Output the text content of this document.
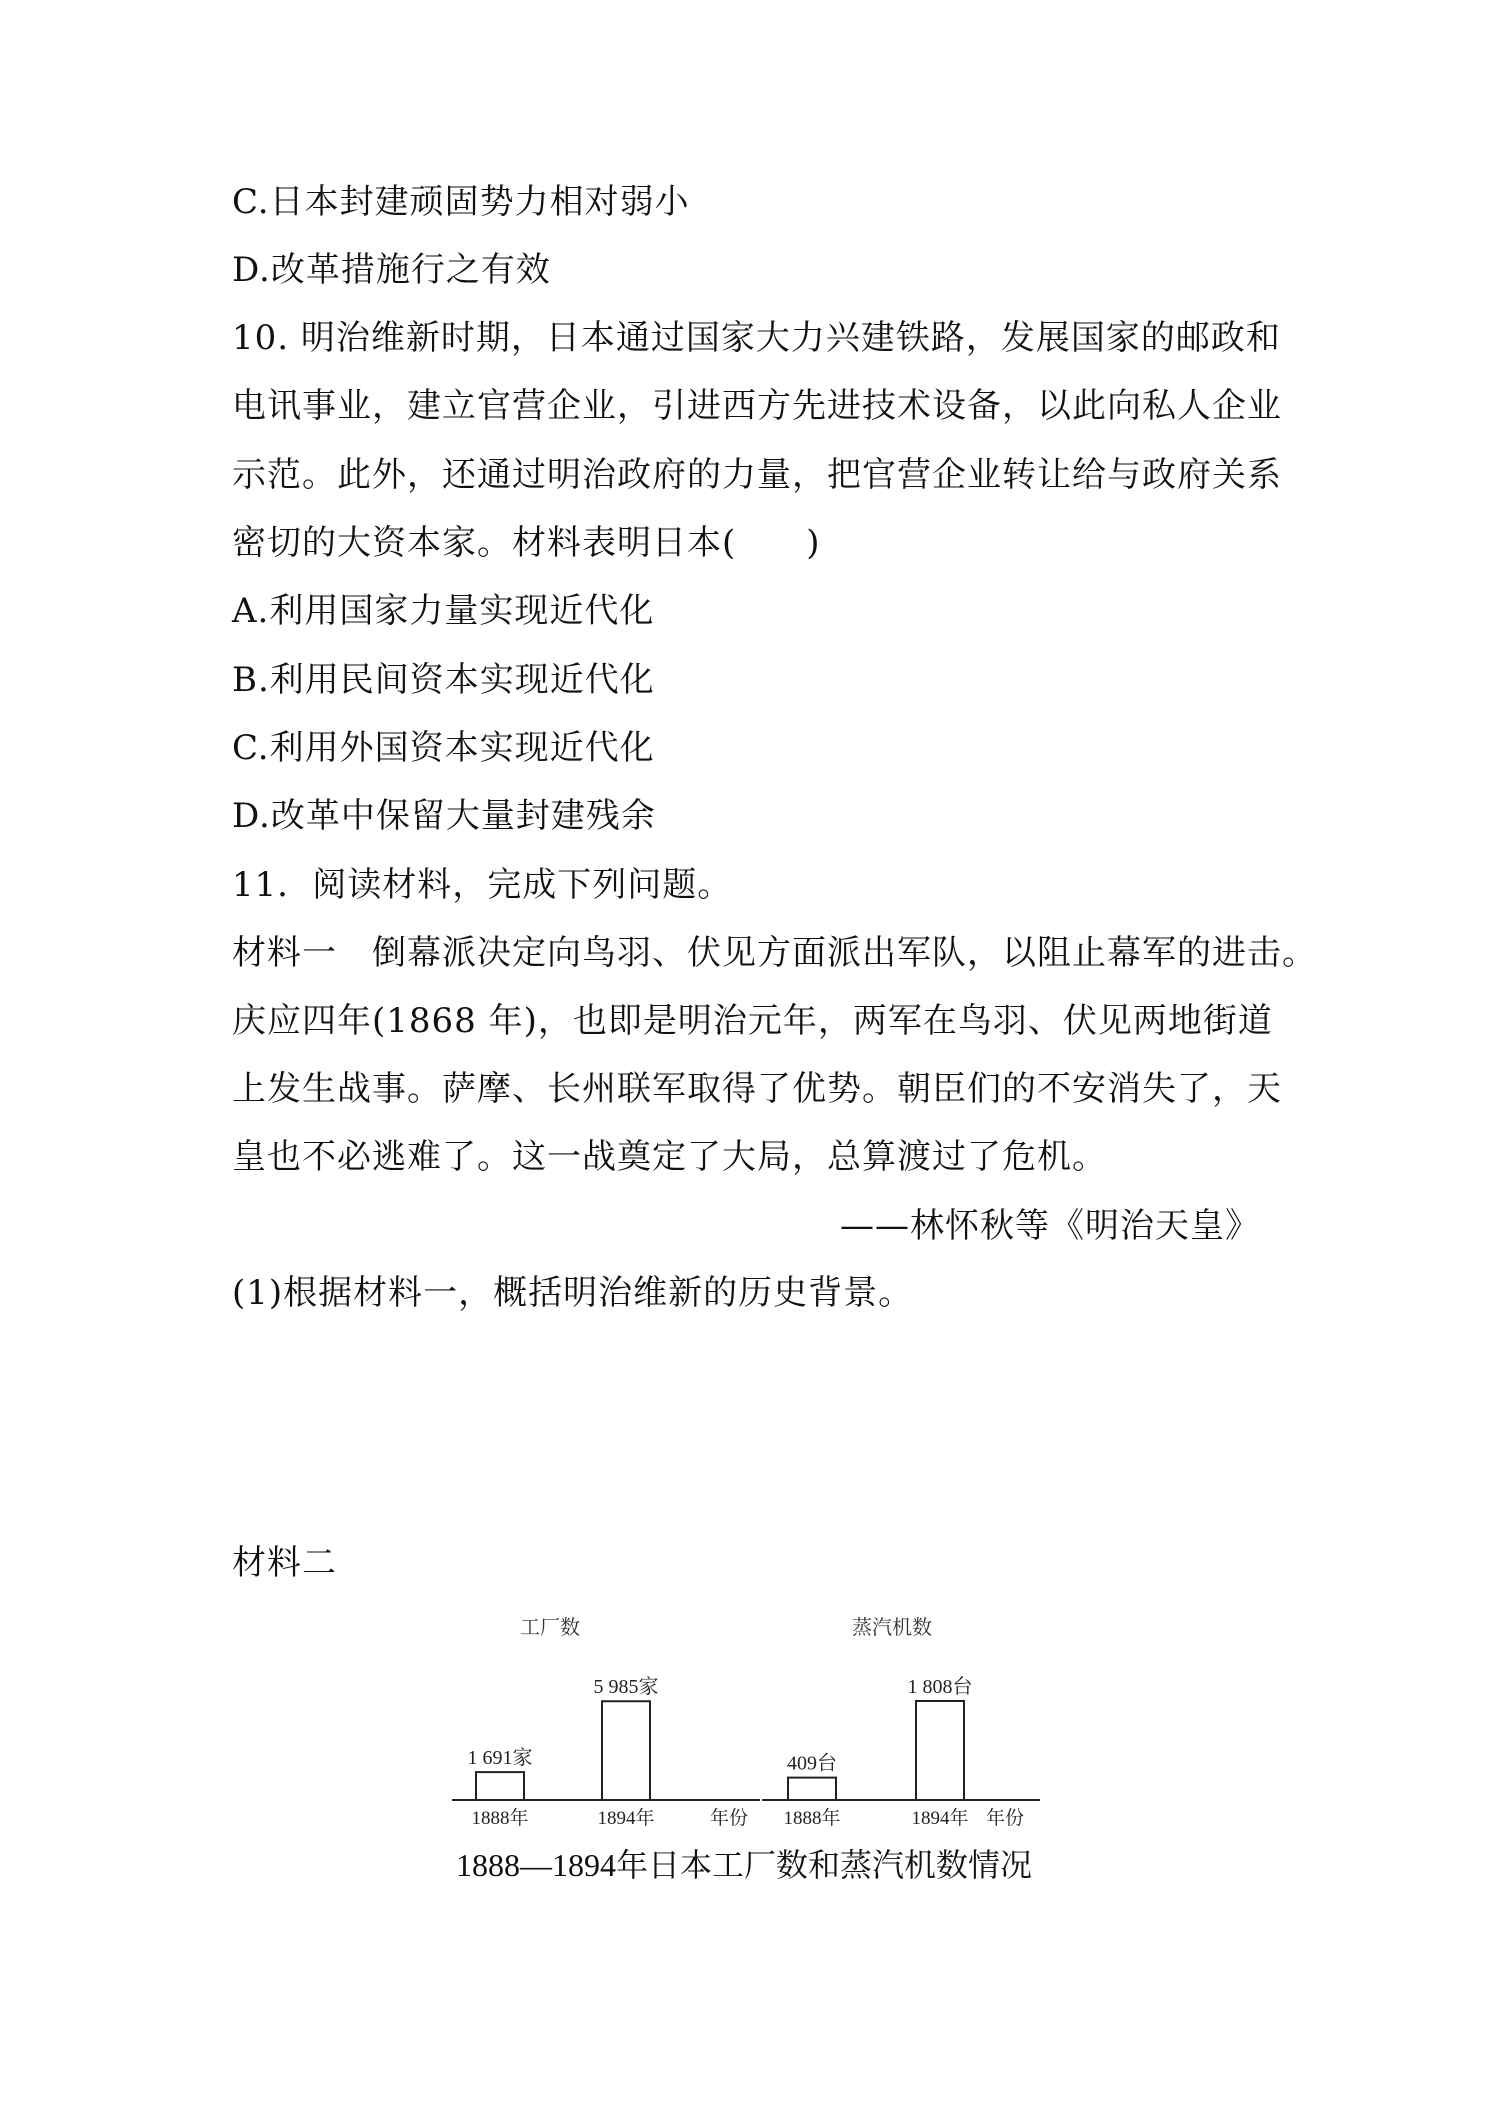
C.日本封建顽固势力相对弱小
D.改革措施行之有效
10. 明治维新时期，日本通过国家大力兴建铁路，发展国家的邮政和
电讯事业，建立官营企业，引进西方先进技术设备，以此向私人企业
示范。此外，还通过明治政府的力量，把官营企业转让给与政府关系
密切的大资本家。材料表明日本(　　)
A.利用国家力量实现近代化
B.利用民间资本实现近代化
C.利用外国资本实现近代化
D.改革中保留大量封建残余
11．阅读材料，完成下列问题。
材料一　倒幕派决定向鸟羽、伏见方面派出军队，以阻止幕军的进击。
庆应四年(1868 年)，也即是明治元年，两军在鸟羽、伏见两地街道
上发生战事。萨摩、长州联军取得了优势。朝臣们的不安消失了，天
皇也不必逃难了。这一战奠定了大局，总算渡过了危机。
——林怀秋等《明治天皇》
(1)根据材料一，概括明治维新的历史背景。
材料二
工厂数
1 691家
1888年
5 985家
1894年	年份
蒸汽机数
409台
1888年
1 808台
1894年 年份
1888—1894年日本工厂数和蒸汽机数情况
